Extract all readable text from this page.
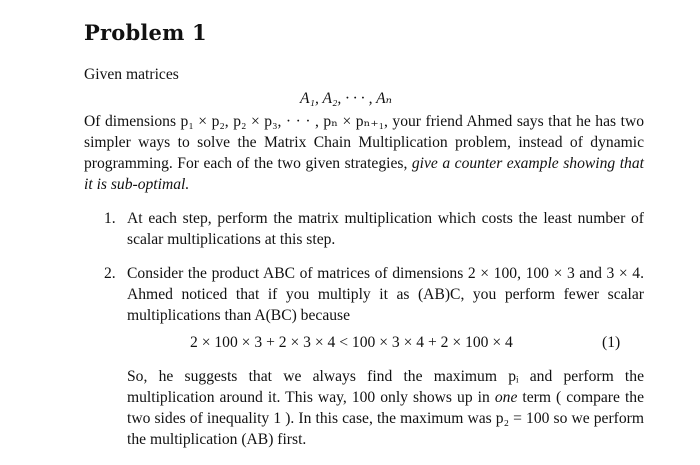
Problem 1
Given matrices
A₁, A₂, · · · , Aₙ
Of dimensions p₁ × p₂, p₂ × p₃, · · · , pₙ × pₙ₊₁, your friend Ahmed says that he has two simpler ways to solve the Matrix Chain Multiplication problem, instead of dynamic programming. For each of the two given strategies, give a counter example showing that it is sub-optimal.
1. At each step, perform the matrix multiplication which costs the least number of scalar multiplications at this step.
2. Consider the product ABC of matrices of dimensions 2 × 100, 100 × 3 and 3 × 4. Ahmed noticed that if you multiply it as (AB)C, you perform fewer scalar multiplications than A(BC) because
2 × 100 × 3 + 2 × 3 × 4 < 100 × 3 × 4 + 2 × 100 × 4	(1)
So, he suggests that we always find the maximum pᵢ and perform the multiplication around it. This way, 100 only shows up in one term ( compare the two sides of inequality 1 ). In this case, the maximum was p₂ = 100 so we perform the multiplication (AB) first.
